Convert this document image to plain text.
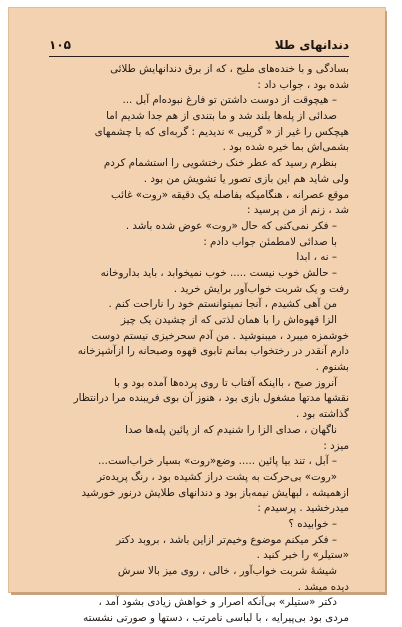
دندانهای طلا
۱۰۵
بسادگی و با خنده‌های ملیح ، که از برق دندانهایش طلائی
شده بود ، جواب داد :
– هیچوقت از دوست داشتن تو فارغ نبوده‌ام آبل ...
صدائی از پله‌ها بلند شد و ما بتندی از هم جدا شدیم اما
هیچکس را غیر از « گریبی » ندیدیم : گربه‌ای که با چشمهای
بشمی‌اش بما خیره شده بود .
بنظرم رسید که عطر خنک رختشویی را استشمام کردم
ولی شاید هم این بازی تصور یا تشویش من بود .
موقع عصرانه ، هنگامیکه بفاصله یک دقیقه «روت» غائب
شد ، زنم از من پرسید :
– فکر نمی‌کنی که حال «روت» عوض شده باشد .
با صدائی لامطمئن جواب دادم :
– نه ، ابدا
– حالش خوب نیست ..... خوب نمیخوابد ، باید بداروخانه
رفت و یک شربت خواب‌آور برایش خرید .
من آهی کشیدم ، آنجا نمیتوانستم خود را ناراحت کنم .
الزا قهوه‌اش را با همان لذتی که از چشیدن یک چیز
خوشمزه میبرد ، میبنوشید . من آدم سحرخیزی نیستم دوست
دارم آنقدر در رختخواب بمانم تابوی قهوه وصبحانه را ازآشپزخانه
بشنوم .
آنروز صبح ، بااینکه آفتاب تا روی پرده‌ها آمده بود و با
نقشها مدتها مشغول بازی بود ، هنوز آن بوی فریبنده مرا درانتظار
گذاشته بود .
ناگهان ، صدای الزا را شنیدم که از پائین پله‌ها صدا
میزد :
– آبل ، تند بیا پائین ..... وضع«روت» بسیار خراب‌است...
«روت» بی‌حرکت به پشت دراز کشیده بود ، رنگ پریده‌تر
ازهمیشه ، لبهایش نیمه‌باز بود و دندانهای طلایش درنور خورشید
میدرخشید . پرسیدم :
– خوابیده ؟
– فکر میکنم موضوع وخیم‌تر ازاین باشد ، بروبد دکتر
«ستیلر» را خبر کنید .
شیشهٔ شربت خواب‌آور ، خالی ، روی میز بالا سرش
دیده میشد .
دکتر «ستیلر» بی‌آنکه اصرار و خواهش زیادی بشود آمد ،
مردی بود بی‌پیرایه ، با لباسی نامرتب ، دستها و صورتی نشسته
